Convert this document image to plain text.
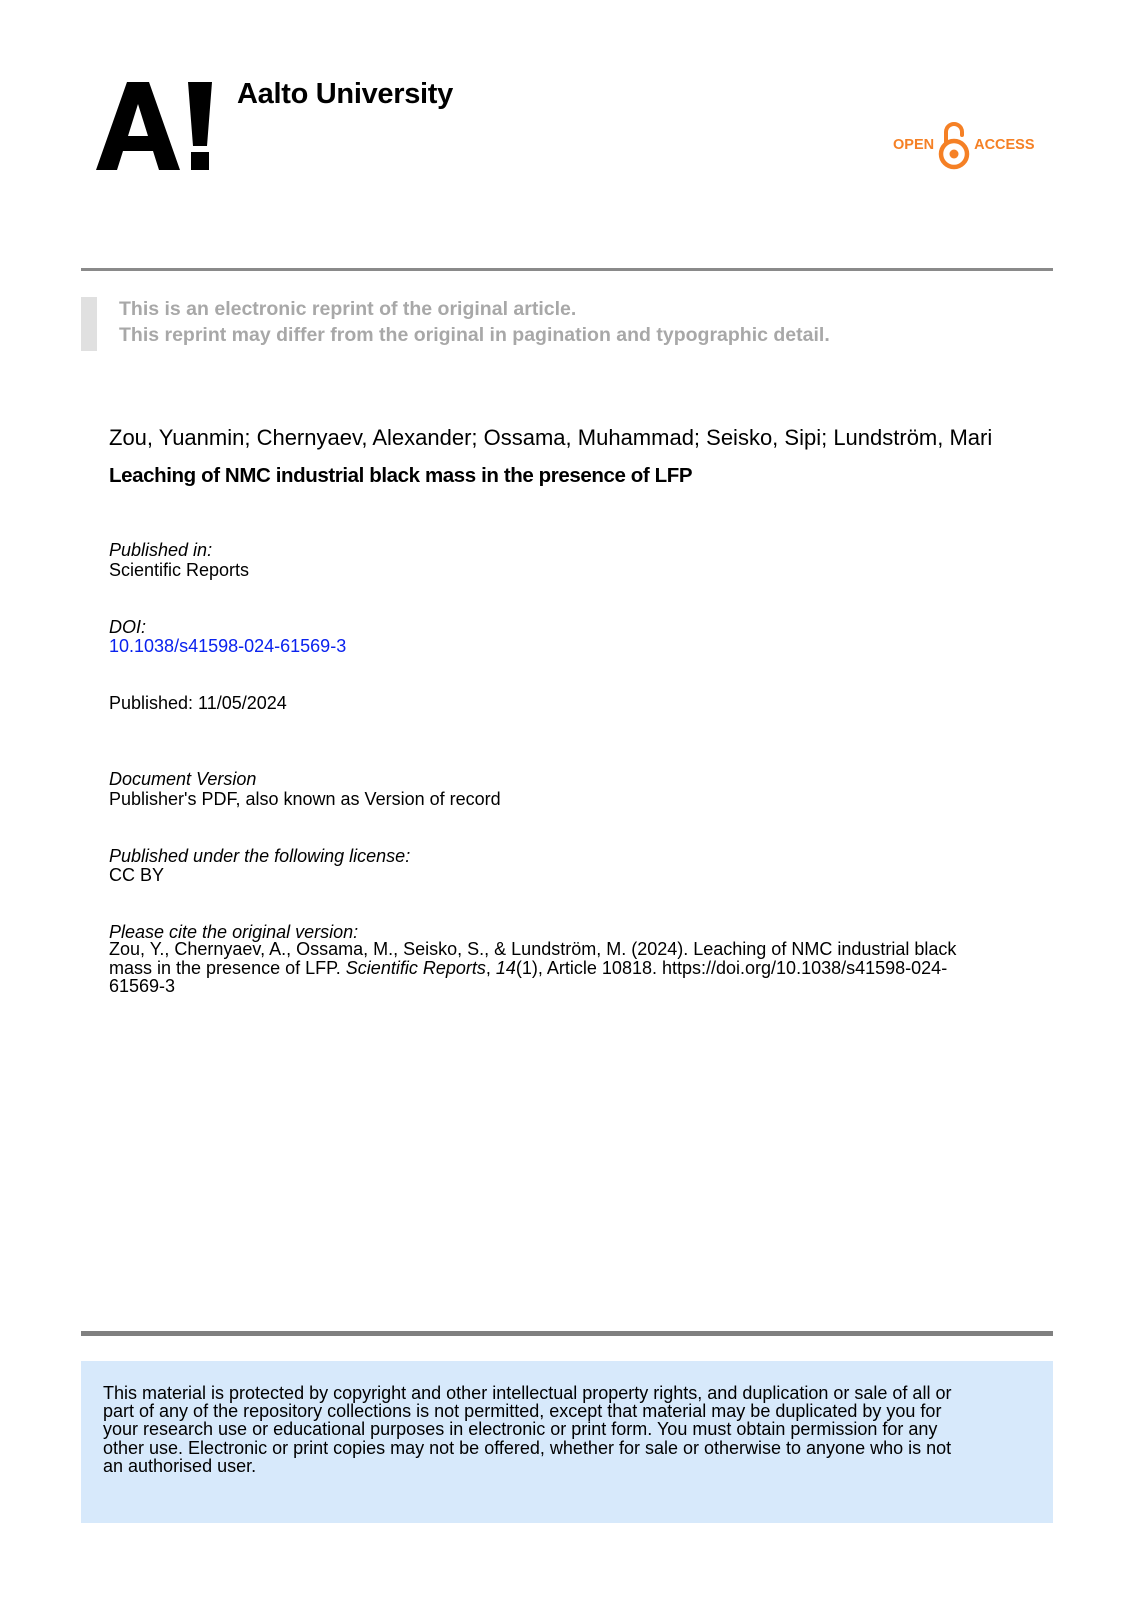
Aalto University
OPEN	ACCESS
This is an electronic reprint of the original article.
This reprint may differ from the original in pagination and typographic detail.
Zou, Yuanmin; Chernyaev, Alexander; Ossama, Muhammad; Seisko, Sipi; Lundström, Mari
Leaching of NMC industrial black mass in the presence of LFP
Published in:
Scientific Reports
DOI:
10.1038/s41598-024-61569-3
Published: 11/05/2024
Document Version
Publisher's PDF, also known as Version of record
Published under the following license:
CC BY
Please cite the original version:
Zou, Y., Chernyaev, A., Ossama, M., Seisko, S., & Lundström, M. (2024). Leaching of NMC industrial black
mass in the presence of LFP. Scientific Reports, 14(1), Article 10818. https://doi.org/10.1038/s41598-024-
61569-3
This material is protected by copyright and other intellectual property rights, and duplication or sale of all or
part of any of the repository collections is not permitted, except that material may be duplicated by you for
your research use or educational purposes in electronic or print form. You must obtain permission for any
other use. Electronic or print copies may not be offered, whether for sale or otherwise to anyone who is not
an authorised user.
